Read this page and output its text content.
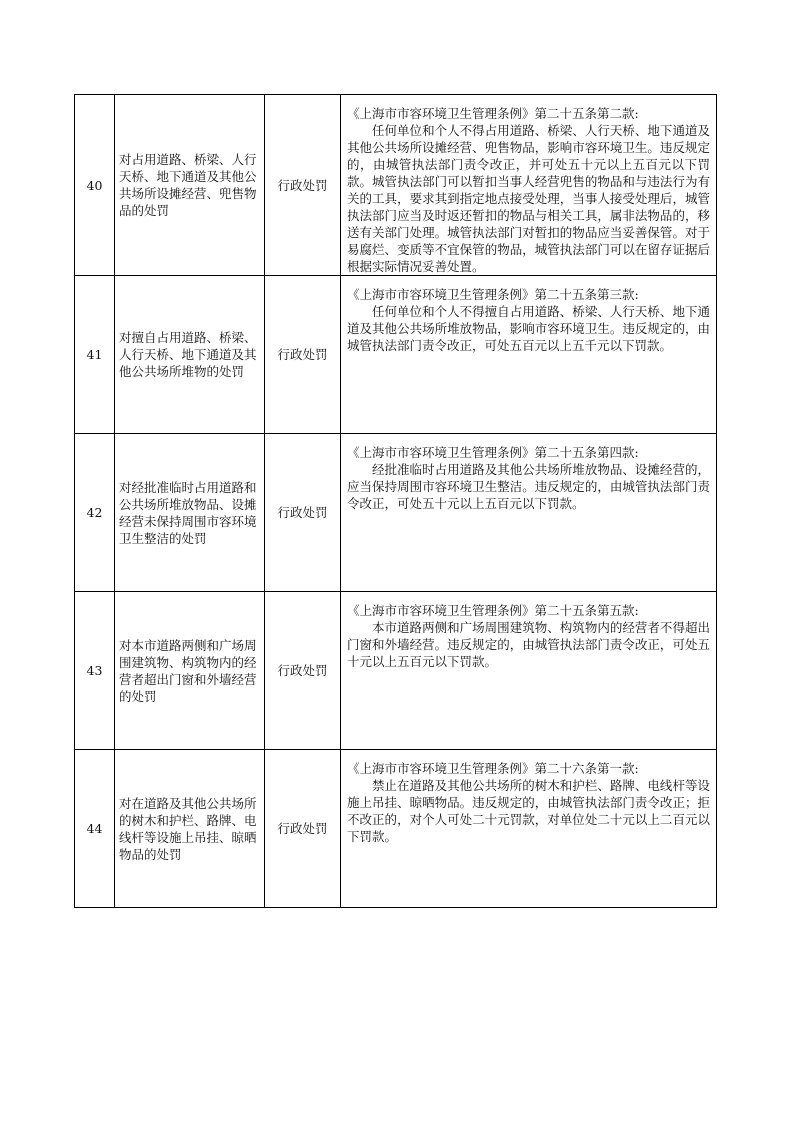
40	对占用道路、桥梁、人行天桥、地下通道及其他公共场所设摊经营、兜售物品的处罚	行政处罚	《上海市市容环境卫生管理条例》第二十五条第二款:
任何单位和个人不得占用道路、桥梁、人行天桥、地下通道及其他公共场所设摊经营、兜售物品，影响市容环境卫生。违反规定的，由城管执法部门责令改正，并可处五十元以上五百元以下罚款。城管执法部门可以暂扣当事人经营兜售的物品和与违法行为有关的工具，要求其到指定地点接受处理，当事人接受处理后，城管执法部门应当及时返还暂扣的物品与相关工具，属非法物品的，移送有关部门处理。城管执法部门对暂扣的物品应当妥善保管。对于易腐烂、变质等不宜保管的物品，城管执法部门可以在留存证据后根据实际情况妥善处置。

41	对擅自占用道路、桥梁、人行天桥、地下通道及其他公共场所堆物的处罚	行政处罚	《上海市市容环境卫生管理条例》第二十五条第三款:
任何单位和个人不得擅自占用道路、桥梁、人行天桥、地下通道及其他公共场所堆放物品，影响市容环境卫生。违反规定的，由城管执法部门责令改正，可处五百元以上五千元以下罚款。

42	对经批准临时占用道路和公共场所堆放物品、设摊经营未保持周围市容环境卫生整洁的处罚	行政处罚	《上海市市容环境卫生管理条例》第二十五条第四款:
经批准临时占用道路及其他公共场所堆放物品、设摊经营的，应当保持周围市容环境卫生整洁。违反规定的，由城管执法部门责令改正，可处五十元以上五百元以下罚款。

43	对本市道路两侧和广场周围建筑物、构筑物内的经营者超出门窗和外墙经营的处罚	行政处罚	《上海市市容环境卫生管理条例》第二十五条第五款:
本市道路两侧和广场周围建筑物、构筑物内的经营者不得超出门窗和外墙经营。违反规定的，由城管执法部门责令改正，可处五十元以上五百元以下罚款。

44	对在道路及其他公共场所的树木和护栏、路牌、电线杆等设施上吊挂、晾晒物品的处罚	行政处罚	《上海市市容环境卫生管理条例》第二十六条第一款:
禁止在道路及其他公共场所的树木和护栏、路牌、电线杆等设施上吊挂、晾晒物品。违反规定的，由城管执法部门责令改正；拒不改正的，对个人可处二十元罚款，对单位处二十元以上二百元以下罚款。
